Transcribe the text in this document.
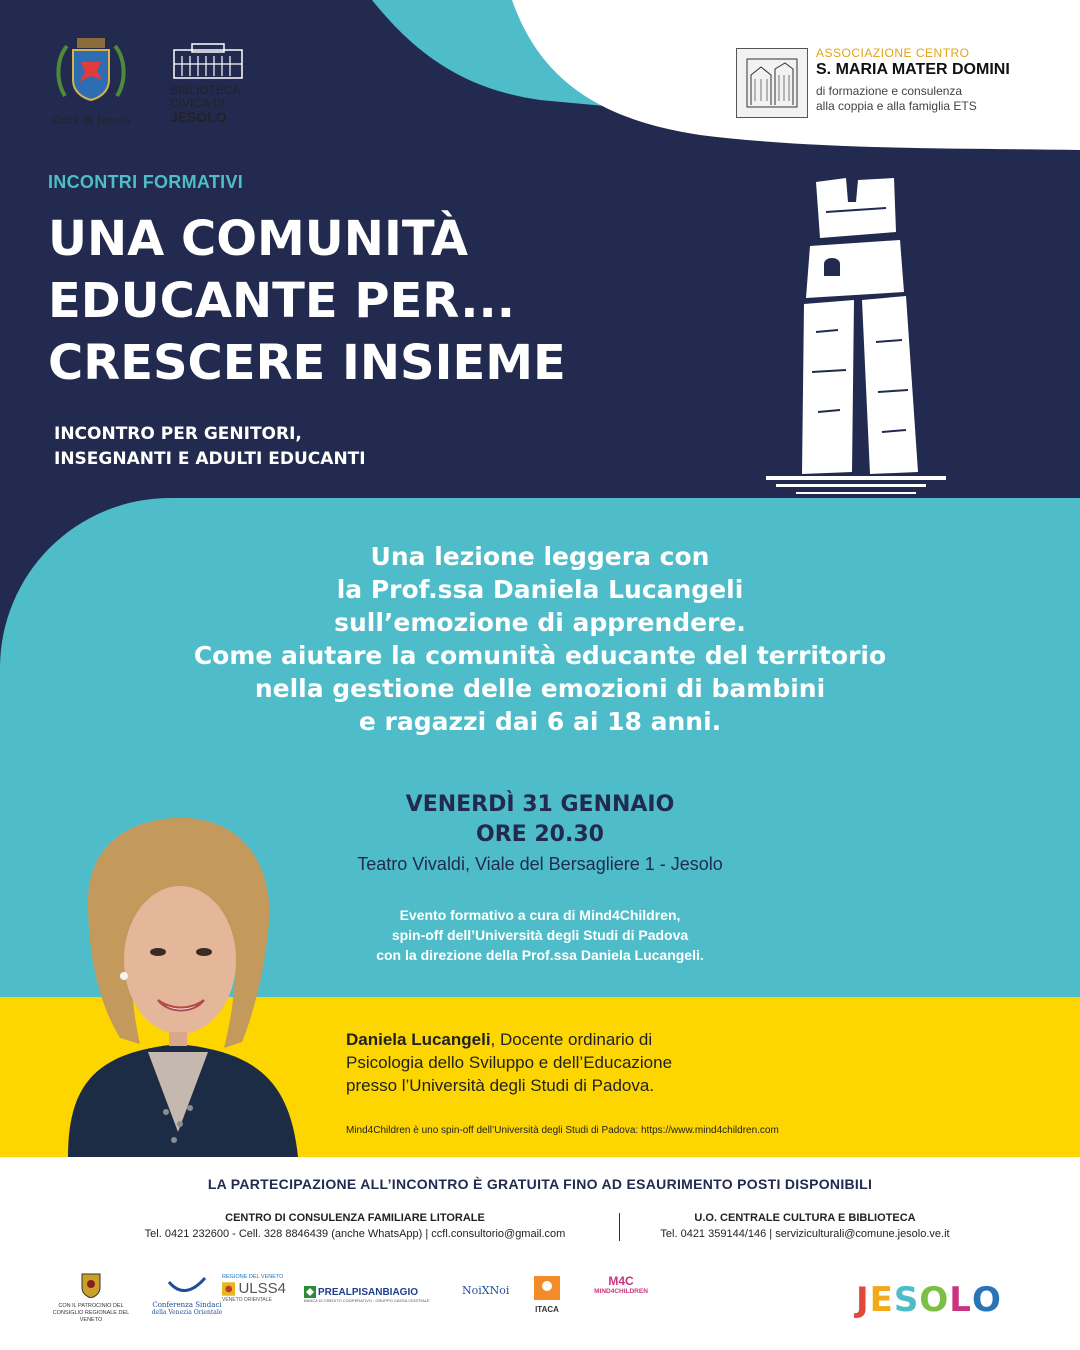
Città di Jesolo
BIBLIOTECA
CIVICA DI
JESOLO
ASSOCIAZIONE CENTRO
S. MARIA MATER DOMINI
di formazione e consulenza
alla coppia e alla famiglia ETS
INCONTRI FORMATIVI
UNA COMUNITÀ
EDUCANTE PER...
CRESCERE INSIEME
INCONTRO PER GENITORI,
INSEGNANTI E ADULTI EDUCANTI
Una lezione leggera con
la Prof.ssa Daniela Lucangeli
sull’emozione di apprendere.
Come aiutare la comunità educante del territorio
nella gestione delle emozioni di bambini
e ragazzi dai 6 ai 18 anni.
VENERDÌ 31 GENNAIO
ORE 20.30
Teatro Vivaldi, Viale del Bersagliere 1 - Jesolo
Evento formativo a cura di Mind4Children,
spin-off dell’Università degli Studi di Padova
con la direzione della Prof.ssa Daniela Lucangeli.
Daniela Lucangeli, Docente ordinario di
Psicologia dello Sviluppo e dell’Educazione
presso l’Università degli Studi di Padova.
Mind4Children è uno spin-off dell’Università degli Studi di Padova: https://www.mind4children.com
LA PARTECIPAZIONE ALL’INCONTRO È GRATUITA FINO AD ESAURIMENTO POSTI DISPONIBILI
CENTRO DI CONSULENZA FAMILIARE LITORALE
Tel. 0421 232600 - Cell. 328 8846439 (anche WhatsApp) | ccfl.consultorio@gmail.com
U.O. CENTRALE CULTURA E BIBLIOTECA
Tel. 0421 359144/146 | serviziculturali@comune.jesolo.ve.it
CON IL PATROCINIO DEL
CONSIGLIO REGIONALE DEL VENETO
Conferenza Sindaci
della Venezia Orientale
REGIONE DEL VENETO
ULSS4
VENETO ORIENTALE
PREALPISANBIAGIO
BANCA DI CREDITO COOPERATIVO - GRUPPO CASSA CENTRALE
NoiXNoi
ITACA
M4C
MIND4CHILDREN	JESOLO
